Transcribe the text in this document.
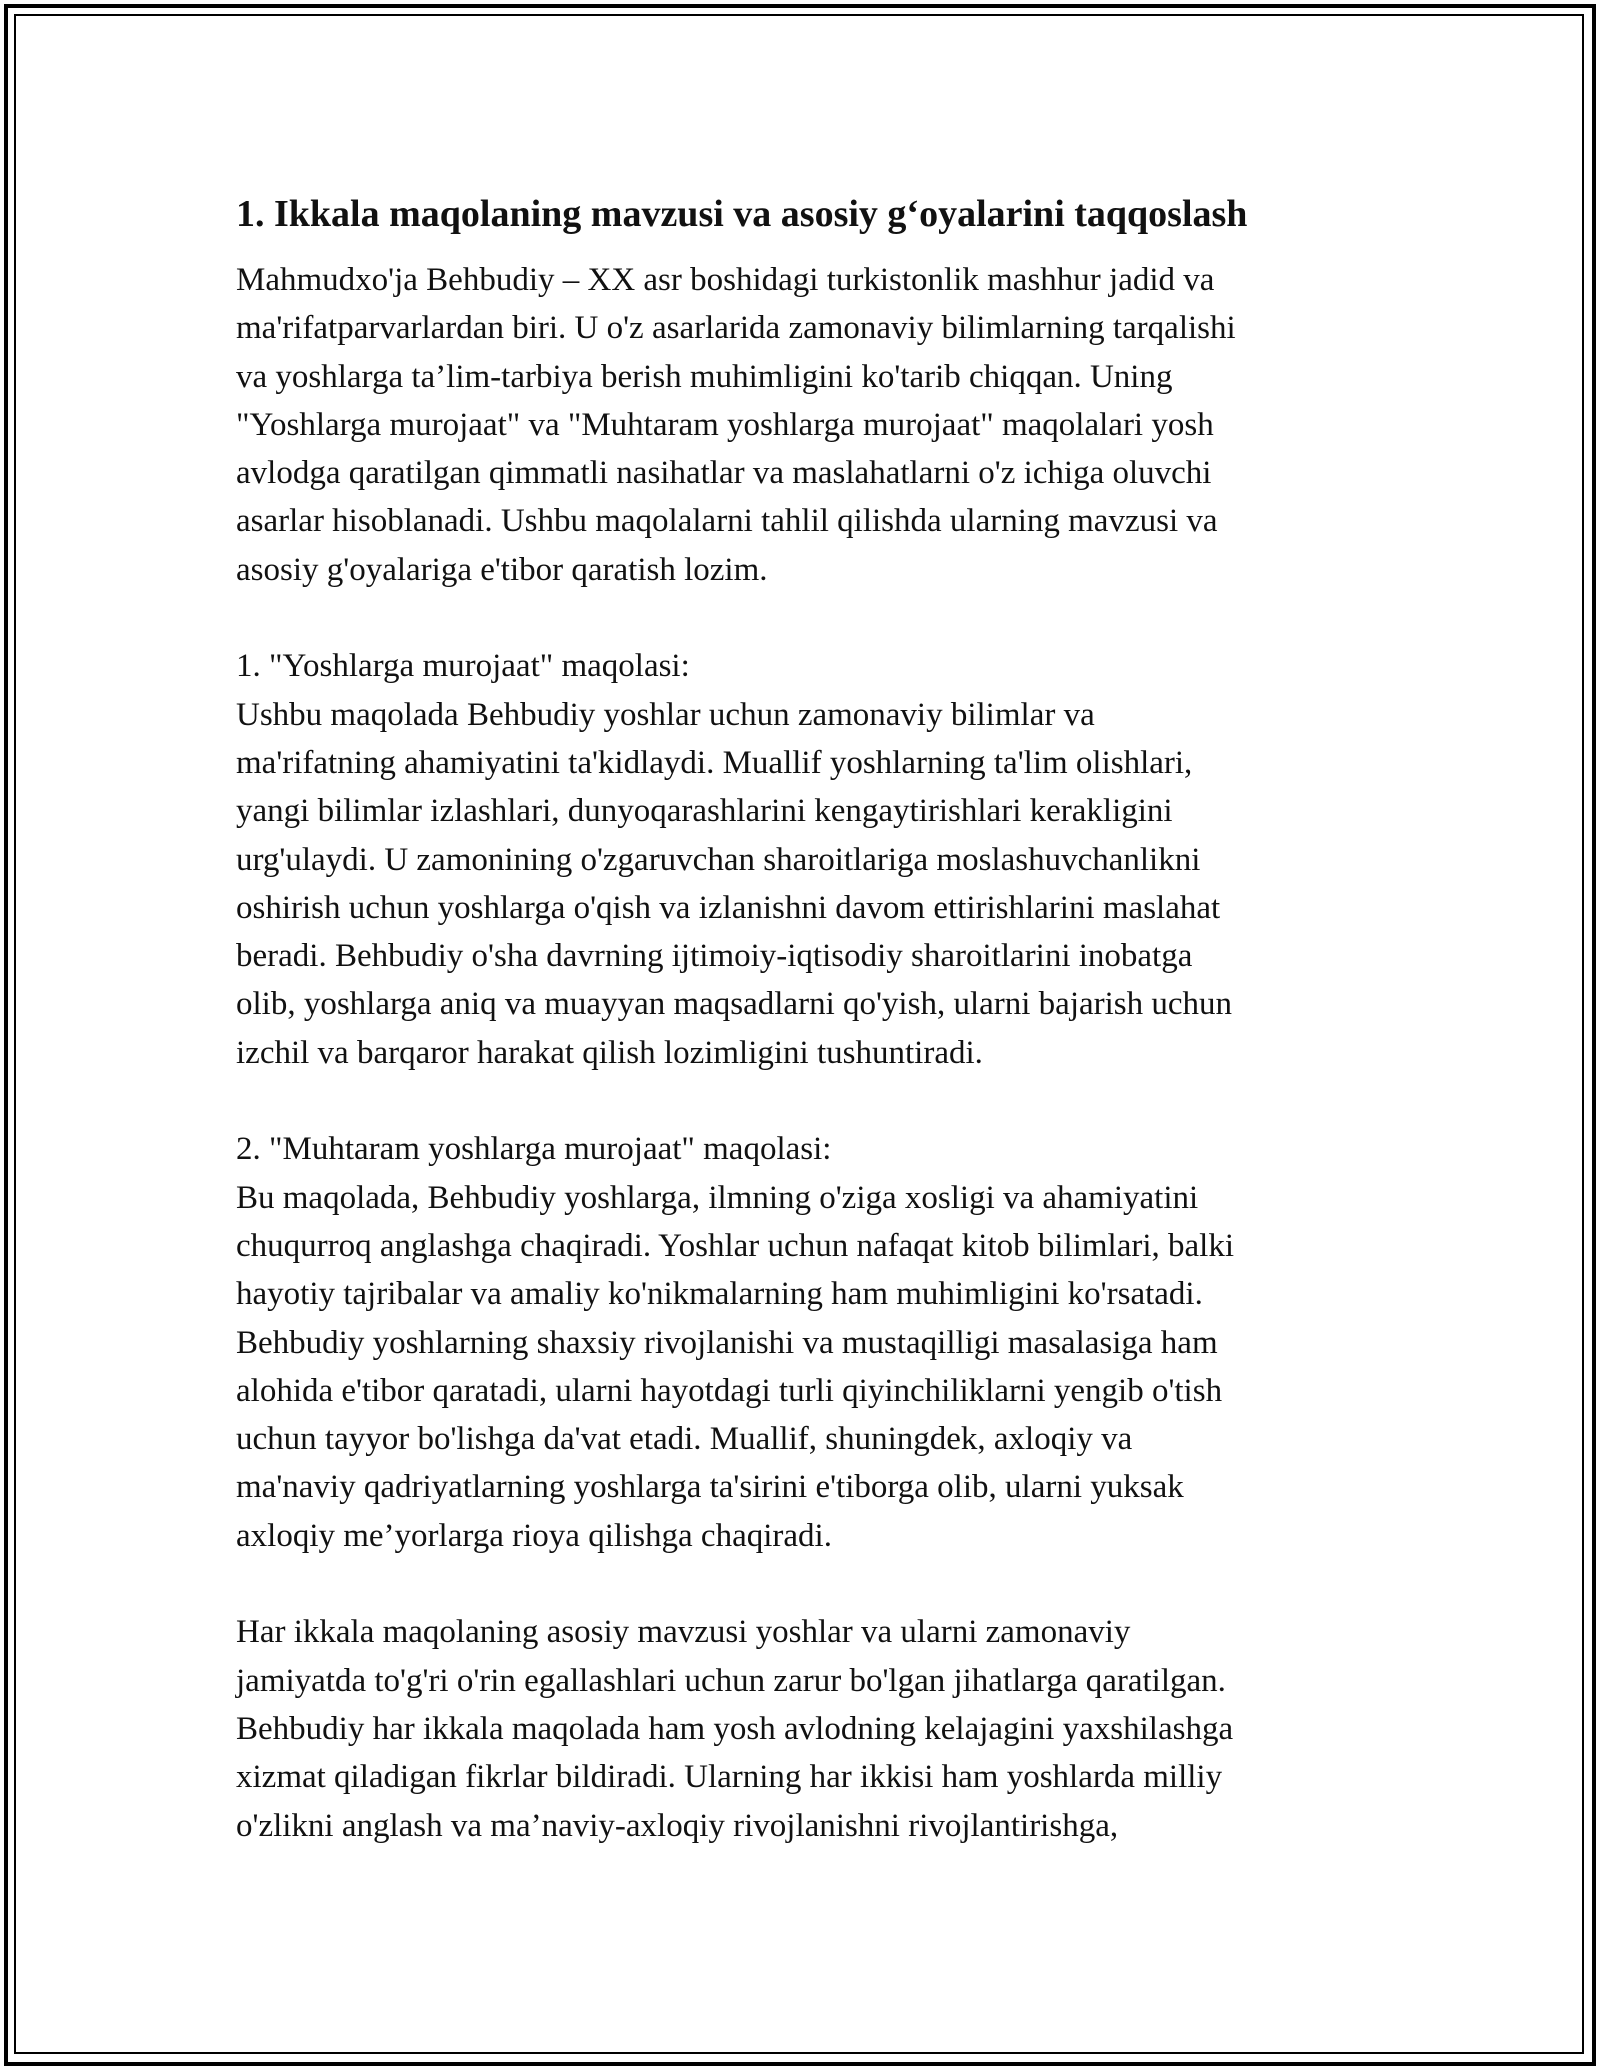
1. Ikkala maqolaning mavzusi va asosiy g‘oyalarini taqqoslash
Mahmudxo'ja Behbudiy – XX asr boshidagi turkistonlik mashhur jadid va
ma'rifatparvarlardan biri. U o'z asarlarida zamonaviy bilimlarning tarqalishi
va yoshlarga ta’lim-tarbiya berish muhimligini ko'tarib chiqqan. Uning
"Yoshlarga murojaat" va "Muhtaram yoshlarga murojaat" maqolalari yosh
avlodga qaratilgan qimmatli nasihatlar va maslahatlarni o'z ichiga oluvchi
asarlar hisoblanadi. Ushbu maqolalarni tahlil qilishda ularning mavzusi va
asosiy g'oyalariga e'tibor qaratish lozim.
1. "Yoshlarga murojaat" maqolasi:
Ushbu maqolada Behbudiy yoshlar uchun zamonaviy bilimlar va
ma'rifatning ahamiyatini ta'kidlaydi. Muallif yoshlarning ta'lim olishlari,
yangi bilimlar izlashlari, dunyoqarashlarini kengaytirishlari kerakligini
urg'ulaydi. U zamonining o'zgaruvchan sharoitlariga moslashuvchanlikni
oshirish uchun yoshlarga o'qish va izlanishni davom ettirishlarini maslahat
beradi. Behbudiy o'sha davrning ijtimoiy-iqtisodiy sharoitlarini inobatga
olib, yoshlarga aniq va muayyan maqsadlarni qo'yish, ularni bajarish uchun
izchil va barqaror harakat qilish lozimligini tushuntiradi.
2. "Muhtaram yoshlarga murojaat" maqolasi:
Bu maqolada, Behbudiy yoshlarga, ilmning o'ziga xosligi va ahamiyatini
chuqurroq anglashga chaqiradi. Yoshlar uchun nafaqat kitob bilimlari, balki
hayotiy tajribalar va amaliy ko'nikmalarning ham muhimligini ko'rsatadi.
Behbudiy yoshlarning shaxsiy rivojlanishi va mustaqilligi masalasiga ham
alohida e'tibor qaratadi, ularni hayotdagi turli qiyinchiliklarni yengib o'tish
uchun tayyor bo'lishga da'vat etadi. Muallif, shuningdek, axloqiy va
ma'naviy qadriyatlarning yoshlarga ta'sirini e'tiborga olib, ularni yuksak
axloqiy me’yorlarga rioya qilishga chaqiradi.
Har ikkala maqolaning asosiy mavzusi yoshlar va ularni zamonaviy
jamiyatda to'g'ri o'rin egallashlari uchun zarur bo'lgan jihatlarga qaratilgan.
Behbudiy har ikkala maqolada ham yosh avlodning kelajagini yaxshilashga
xizmat qiladigan fikrlar bildiradi. Ularning har ikkisi ham yoshlarda milliy
o'zlikni anglash va ma’naviy-axloqiy rivojlanishni rivojlantirishga,
